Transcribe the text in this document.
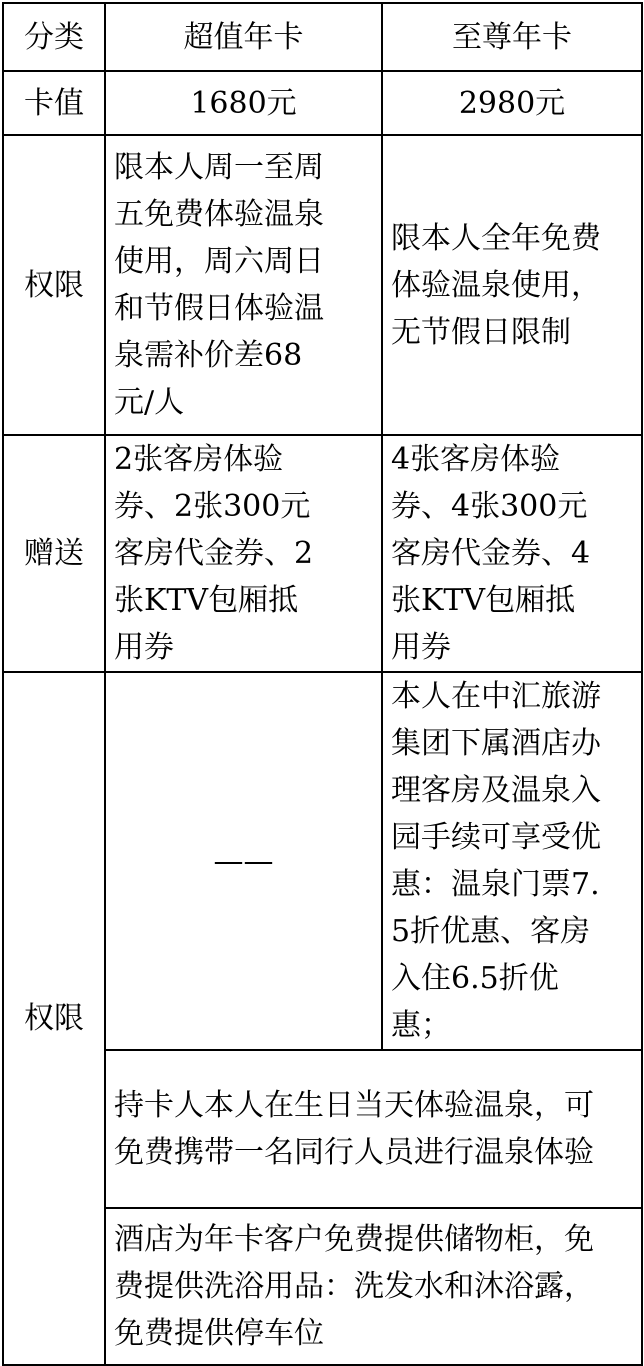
分类	超值年卡	至尊年卡
卡值	1680元	2980元
权限	限本人周一至周五免费体验温泉使用，周六周日和节假日体验温泉需补价差68元/人	限本人全年免费体验温泉使用，无节假日限制
赠送	2张客房体验券、2张300元客房代金券、2张KTV包厢抵用券	4张客房体验券、4张300元客房代金券、4张KTV包厢抵用券
权限	——	本人在中汇旅游集团下属酒店办理客房及温泉入园手续可享受优惠：温泉门票7.5折优惠、客房入住6.5折优惠；
	持卡人本人在生日当天体验温泉，可免费携带一名同行人员进行温泉体验	
	酒店为年卡客户免费提供储物柜，免费提供洗浴用品：洗发水和沐浴露，免费提供停车位	
